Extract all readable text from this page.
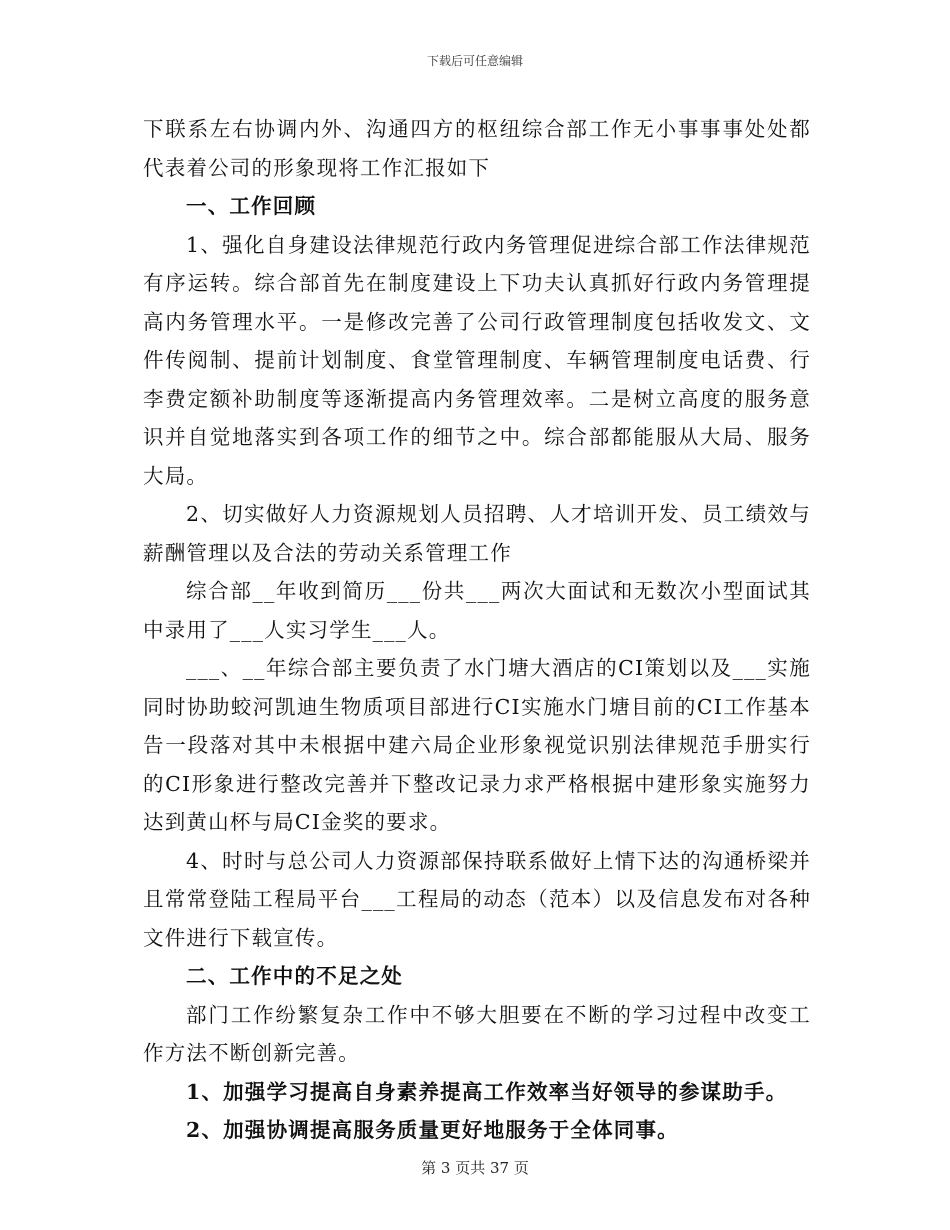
下载后可任意编辑

下联系左右协调内外、沟通四方的枢纽综合部工作无小事事事处处都代表着公司的形象现将工作汇报如下

一、工作回顾

1、强化自身建设法律规范行政内务管理促进综合部工作法律规范有序运转。综合部首先在制度建设上下功夫认真抓好行政内务管理提高内务管理水平。一是修改完善了公司行政管理制度包括收发文、文件传阅制、提前计划制度、食堂管理制度、车辆管理制度电话费、行李费定额补助制度等逐渐提高内务管理效率。二是树立高度的服务意识并自觉地落实到各项工作的细节之中。综合部都能服从大局、服务大局。

2、切实做好人力资源规划人员招聘、人才培训开发、员工绩效与薪酬管理以及合法的劳动关系管理工作

综合部__年收到简历___份共___两次大面试和无数次小型面试其中录用了___人实习学生___人。

___、__年综合部主要负责了水门塘大酒店的CI策划以及___实施同时协助蛟河凯迪生物质项目部进行CI实施水门塘目前的CI工作基本告一段落对其中未根据中建六局企业形象视觉识别法律规范手册实行的CI形象进行整改完善并下整改记录力求严格根据中建形象实施努力达到黄山杯与局CI金奖的要求。

4、时时与总公司人力资源部保持联系做好上情下达的沟通桥梁并且常常登陆工程局平台___工程局的动态（范本）以及信息发布对各种文件进行下载宣传。

二、工作中的不足之处

部门工作纷繁复杂工作中不够大胆要在不断的学习过程中改变工作方法不断创新完善。

1、加强学习提高自身素养提高工作效率当好领导的参谋助手。

2、加强协调提高服务质量更好地服务于全体同事。

第 3 页共 37 页
